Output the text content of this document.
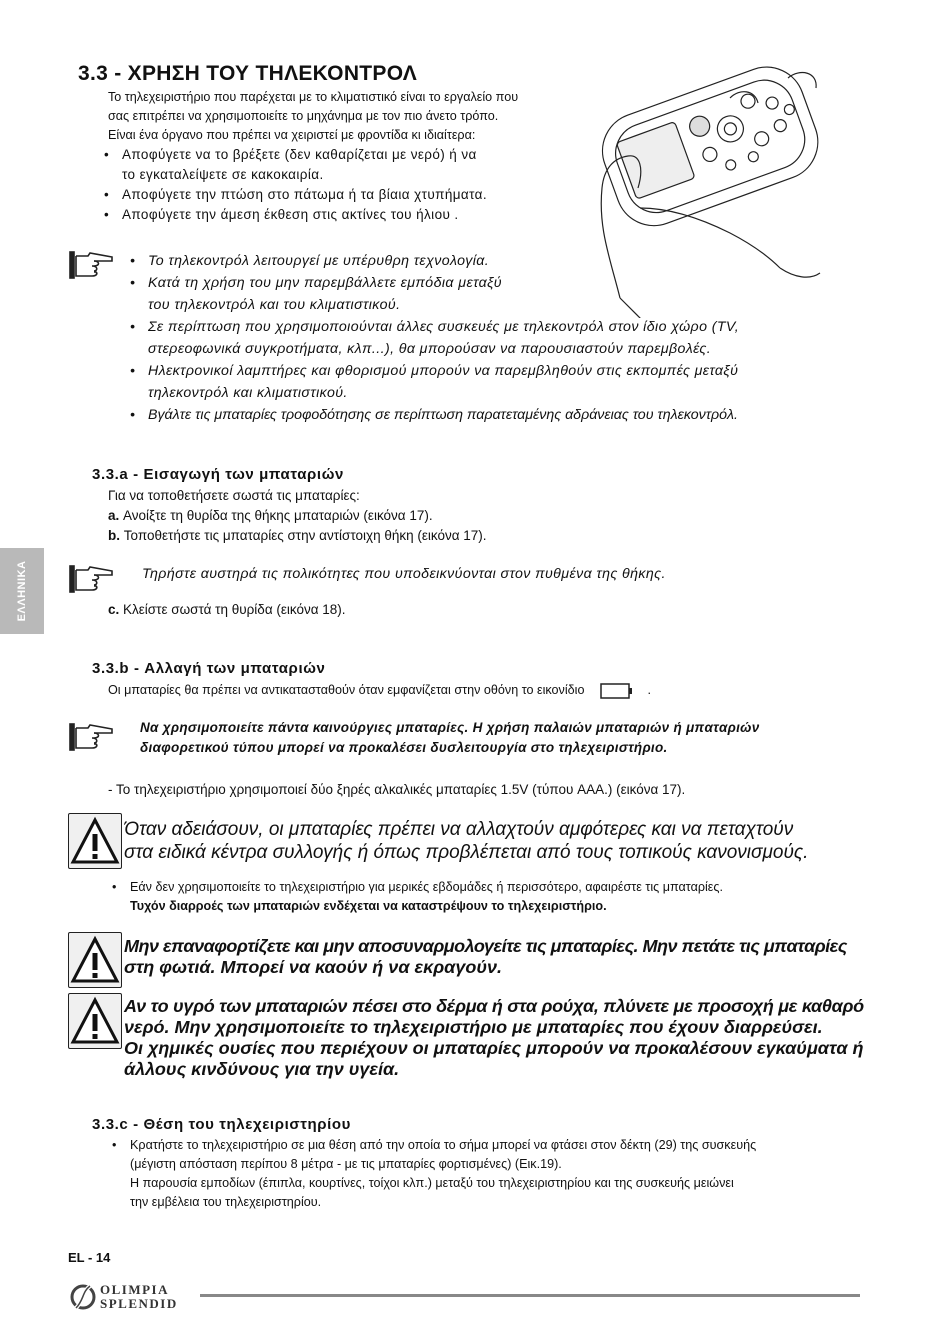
3.3 - ΧΡΗΣΗ ΤΟΥ ΤΗΛΕΚΟΝΤΡΟΛ
Το τηλεχειριστήριο που παρέχεται με το κλιματιστικό είναι το εργαλείο που
σας επιτρέπει να χρησιμοποιείτε το μηχάνημα με τον πιο άνετο τρόπο.
Είναι ένα όργανο που πρέπει να χειριστεί με φροντίδα κι ιδιαίτερα:
• Αποφύγετε να το βρέξετε (δεν καθαρίζεται με νερό) ή να
το εγκαταλείψετε σε κακοκαιρία.
• Αποφύγετε την πτώση στο πάτωμα ή τα βίαια χτυπήματα.
• Αποφύγετε την άμεση έκθεση στις ακτίνες του ήλιου .
• Το τηλεκοντρόλ λειτουργεί με υπέρυθρη τεχνολογία.
• Κατά τη χρήση του μην παρεμβάλλετε εμπόδια μεταξύ
του τηλεκοντρόλ και του κλιματιστικού.
• Σε περίπτωση που χρησιμοποιούνται άλλες συσκευές με τηλεκοντρόλ στον ίδιο χώρο (TV,
στερεοφωνικά συγκροτήματα, κλπ...), θα μπορούσαν να παρουσιαστούν παρεμβολές.
• Ηλεκτρονικοί λαμπτήρες και φθορισμού μπορούν να παρεμβληθούν στις εκπομπές μεταξύ
τηλεκοντρόλ και κλιματιστικού.
• Βγάλτε τις μπαταρίες τροφοδότησης σε περίπτωση παρατεταμένης αδράνειας του τηλεκοντρόλ.
ΕΛΛΗΝΙΚΑ
3.3.a - Εισαγωγή των μπαταριών
Για να τοποθετήσετε σωστά τις μπαταρίες:
a. Ανοίξτε τη θυρίδα της θήκης μπαταριών (εικόνα 17).
b. Τοποθετήστε τις μπαταρίες στην αντίστοιχη θήκη (εικόνα 17).
Τηρήστε αυστηρά τις πολικότητες που υποδεικνύονται στον πυθμένα της θήκης.
c. Κλείστε σωστά τη θυρίδα (εικόνα 18).
3.3.b - Αλλαγή των μπαταριών
Οι μπαταρίες θα πρέπει να αντικατασταθούν όταν εμφανίζεται στην οθόνη το εικονίδιο	.
Να χρησιμοποιείτε πάντα καινούργιες μπαταρίες. Η χρήση παλαιών μπαταριών ή μπαταριών
διαφορετικού τύπου μπορεί να προκαλέσει δυσλειτουργία στο τηλεχειριστήριο.
- Το τηλεχειριστήριο χρησιμοποιεί δύο ξηρές αλκαλικές μπαταρίες 1.5V (τύπου AAA.) (εικόνα 17).
Όταν αδειάσουν, οι μπαταρίες πρέπει να αλλαχτούν αμφότερες και να πεταχτούν
στα ειδικά κέντρα συλλογής ή όπως προβλέπεται από τους τοπικούς κανονισμούς.
• Εάν δεν χρησιμοποιείτε το τηλεχειριστήριο για μερικές εβδομάδες ή περισσότερο, αφαιρέστε τις μπαταρίες.
Τυχόν διαρροές των μπαταριών ενδέχεται να καταστρέψουν το τηλεχειριστήριο.
Μην επαναφορτίζετε και μην αποσυναρμολογείτε τις μπαταρίες. Μην πετάτε τις μπαταρίες
στη φωτιά. Μπορεί να καούν ή να εκραγούν.
Αν το υγρό των μπαταριών πέσει στο δέρμα ή στα ρούχα, πλύνετε με προσοχή με καθαρό
νερό. Μην χρησιμοποιείτε το τηλεχειριστήριο με μπαταρίες που έχουν διαρρεύσει.
Οι χημικές ουσίες που περιέχουν οι μπαταρίες μπορούν να προκαλέσουν εγκαύματα ή
άλλους κινδύνους για την υγεία.
3.3.c - Θέση του τηλεχειριστηρίου
• Κρατήστε το τηλεχειριστήριο σε μια θέση από την οποία το σήμα μπορεί να φτάσει στον δέκτη (29) της συσκευής
(μέγιστη απόσταση περίπου 8 μέτρα - με τις μπαταρίες φορτισμένες) (Εικ.19).
Η παρουσία εμποδίων (έπιπλα, κουρτίνες, τοίχοι κλπ.) μεταξύ του τηλεχειριστηρίου και της συσκευής μειώνει
την εμβέλεια του τηλεχειριστηρίου.
EL - 14
OLIMPIA
SPLENDID
